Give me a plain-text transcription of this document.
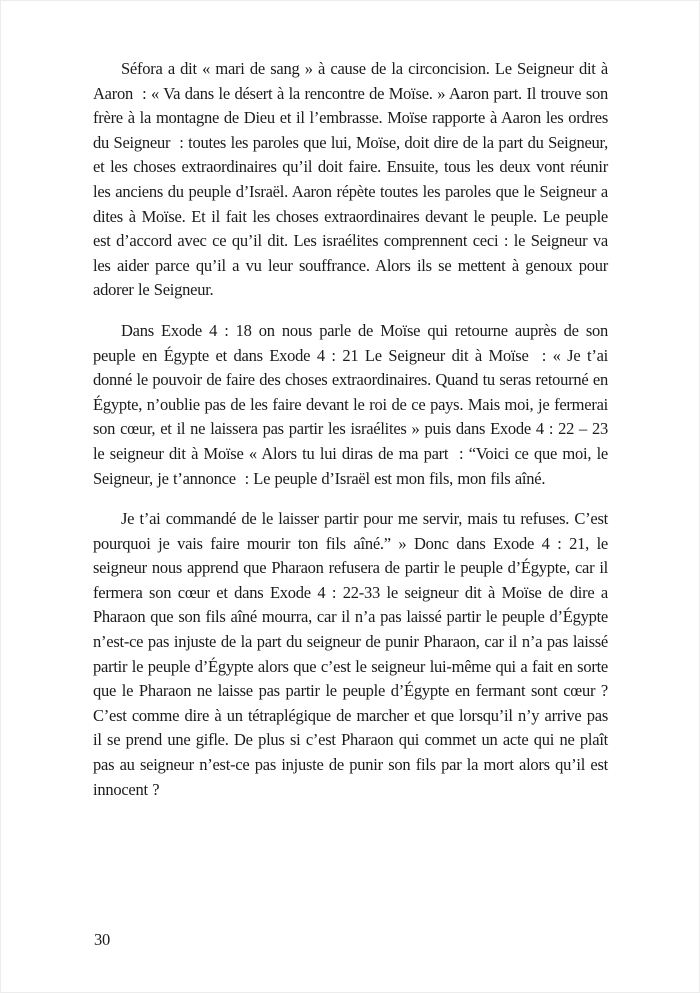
Séfora a dit « mari de sang » à cause de la circoncision. Le Seigneur dit à Aaron  : « Va dans le désert à la rencontre de Moïse. » Aaron part. Il trouve son frère à la montagne de Dieu et il l’embrasse. Moïse rapporte à Aaron les ordres du Seigneur  : toutes les paroles que lui, Moïse, doit dire de la part du Seigneur, et les choses extraordinaires qu’il doit faire. Ensuite, tous les deux vont réunir les anciens du peuple d’Israël. Aaron répète toutes les paroles que le Seigneur a dites à Moïse. Et il fait les choses extraordinaires devant le peuple. Le peuple est d’accord avec ce qu’il dit. Les israélites comprennent ceci : le Seigneur va les aider parce qu’il a vu leur souffrance. Alors ils se mettent à genoux pour adorer le Seigneur.

Dans Exode 4 : 18 on nous parle de Moïse qui retourne auprès de son peuple en Égypte et dans Exode 4 : 21 Le Seigneur dit à Moïse  : « Je t’ai donné le pouvoir de faire des choses extraordinaires. Quand tu seras retourné en Égypte, n’oublie pas de les faire devant le roi de ce pays. Mais moi, je fermerai son cœur, et il ne laissera pas partir les israélites » puis dans Exode 4 : 22 – 23 le seigneur dit à Moïse « Alors tu lui diras de ma part  : “Voici ce que moi, le Seigneur, je t’annonce  : Le peuple d’Israël est mon fils, mon fils aîné.

Je t’ai commandé de le laisser partir pour me servir, mais tu refuses. C’est pourquoi je vais faire mourir ton fils aîné.” » Donc dans Exode 4 : 21, le seigneur nous apprend que Pharaon refusera de partir le peuple d’Égypte, car il fermera son cœur et dans Exode 4 : 22-33 le seigneur dit à Moïse de dire a Pharaon que son fils aîné mourra, car il n’a pas laissé partir le peuple d’Égypte n’est-ce pas injuste de la part du seigneur de punir Pharaon, car il n’a pas laissé partir le peuple d’Égypte alors que c’est le seigneur lui-même qui a fait en sorte que le Pharaon ne laisse pas partir le peuple d’Égypte en fermant sont cœur ? C’est comme dire à un tétraplégique de marcher et que lorsqu’il n’y arrive pas il se prend une gifle. De plus si c’est Pharaon qui commet un acte qui ne plaît pas au seigneur n’est-ce pas injuste de punir son fils par la mort alors qu’il est innocent ?

30
